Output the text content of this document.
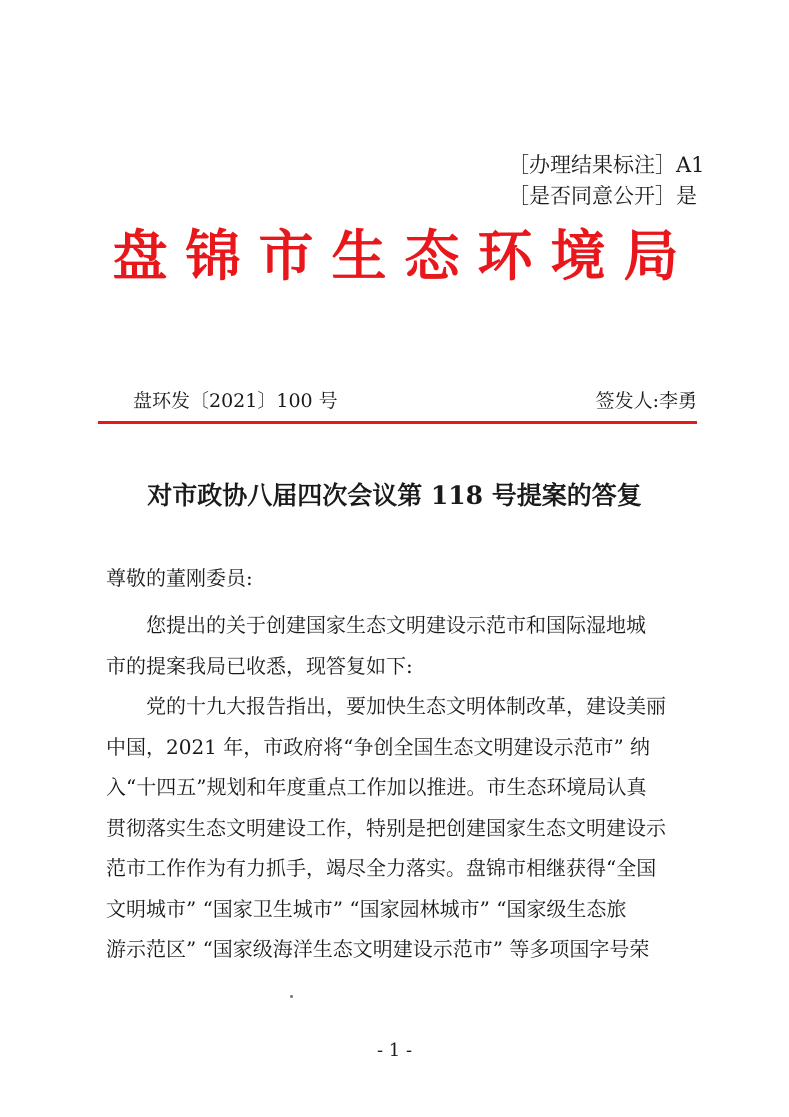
［办理结果标注］A1
［是否同意公开］是
盘锦市生态环境局
盘环发〔2021〕100 号	签发人:李勇
对市政协八届四次会议第 118 号提案的答复
尊敬的董刚委员:
　　您提出的关于创建国家生态文明建设示范市和国际湿地城
市的提案我局已收悉，现答复如下:
　　党的十九大报告指出，要加快生态文明体制改革，建设美丽
中国，2021 年，市政府将“争创全国生态文明建设示范市” 纳
入“十四五”规划和年度重点工作加以推进。市生态环境局认真
贯彻落实生态文明建设工作，特别是把创建国家生态文明建设示
范市工作作为有力抓手，竭尽全力落实。盘锦市相继获得“全国
文明城市” “国家卫生城市” “国家园林城市” “国家级生态旅
游示范区” “国家级海洋生态文明建设示范市” 等多项国字号荣
- 1 -
